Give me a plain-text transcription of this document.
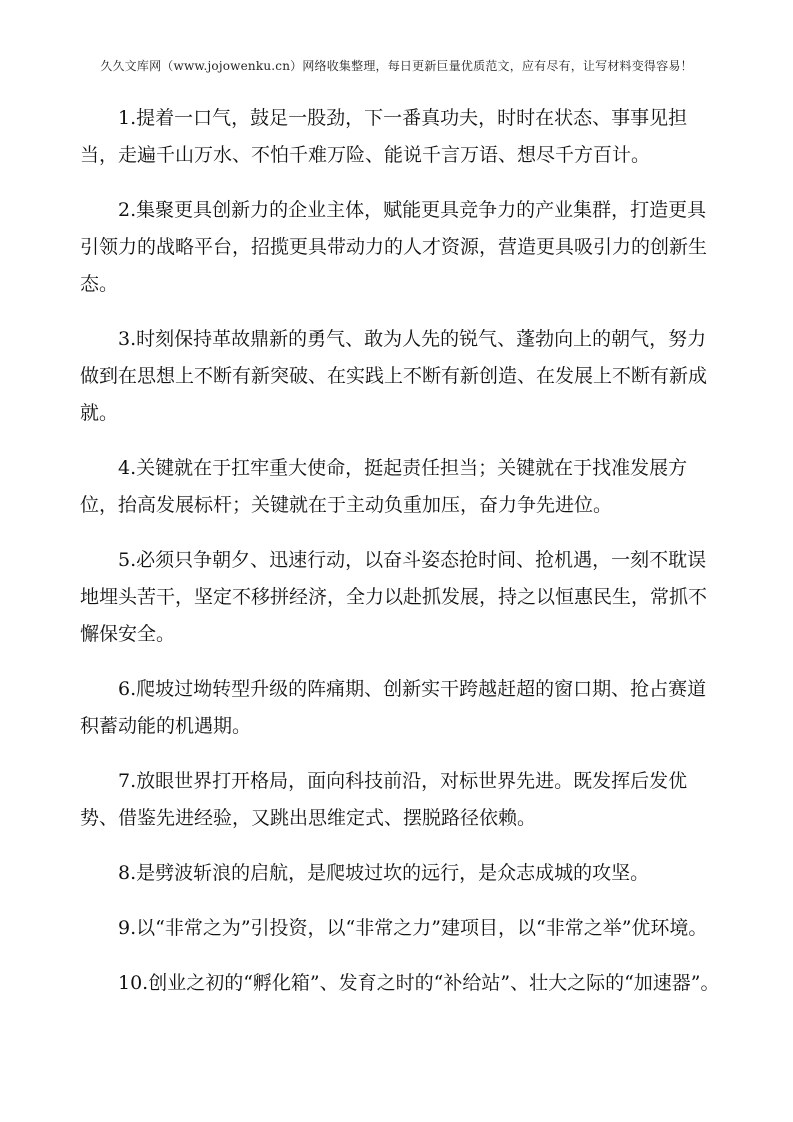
久久文库网（www.jojowenku.cn）网络收集整理，每日更新巨量优质范文，应有尽有，让写材料变得容易！

1.提着一口气，鼓足一股劲，下一番真功夫，时时在状态、事事见担当，走遍千山万水、不怕千难万险、能说千言万语、想尽千方百计。

2.集聚更具创新力的企业主体，赋能更具竞争力的产业集群，打造更具引领力的战略平台，招揽更具带动力的人才资源，营造更具吸引力的创新生态。

3.时刻保持革故鼎新的勇气、敢为人先的锐气、蓬勃向上的朝气，努力做到在思想上不断有新突破、在实践上不断有新创造、在发展上不断有新成就。

4.关键就在于扛牢重大使命，挺起责任担当；关键就在于找准发展方位，抬高发展标杆；关键就在于主动负重加压，奋力争先进位。

5.必须只争朝夕、迅速行动，以奋斗姿态抢时间、抢机遇，一刻不耽误地埋头苦干，坚定不移拼经济，全力以赴抓发展，持之以恒惠民生，常抓不懈保安全。

6.爬坡过坳转型升级的阵痛期、创新实干跨越赶超的窗口期、抢占赛道积蓄动能的机遇期。

7.放眼世界打开格局，面向科技前沿，对标世界先进。既发挥后发优势、借鉴先进经验，又跳出思维定式、摆脱路径依赖。

8.是劈波斩浪的启航，是爬坡过坎的远行，是众志成城的攻坚。

9.以“非常之为”引投资，以“非常之力”建项目，以“非常之举”优环境。

10.创业之初的“孵化箱”、发育之时的“补给站”、壮大之际的“加速器”。
